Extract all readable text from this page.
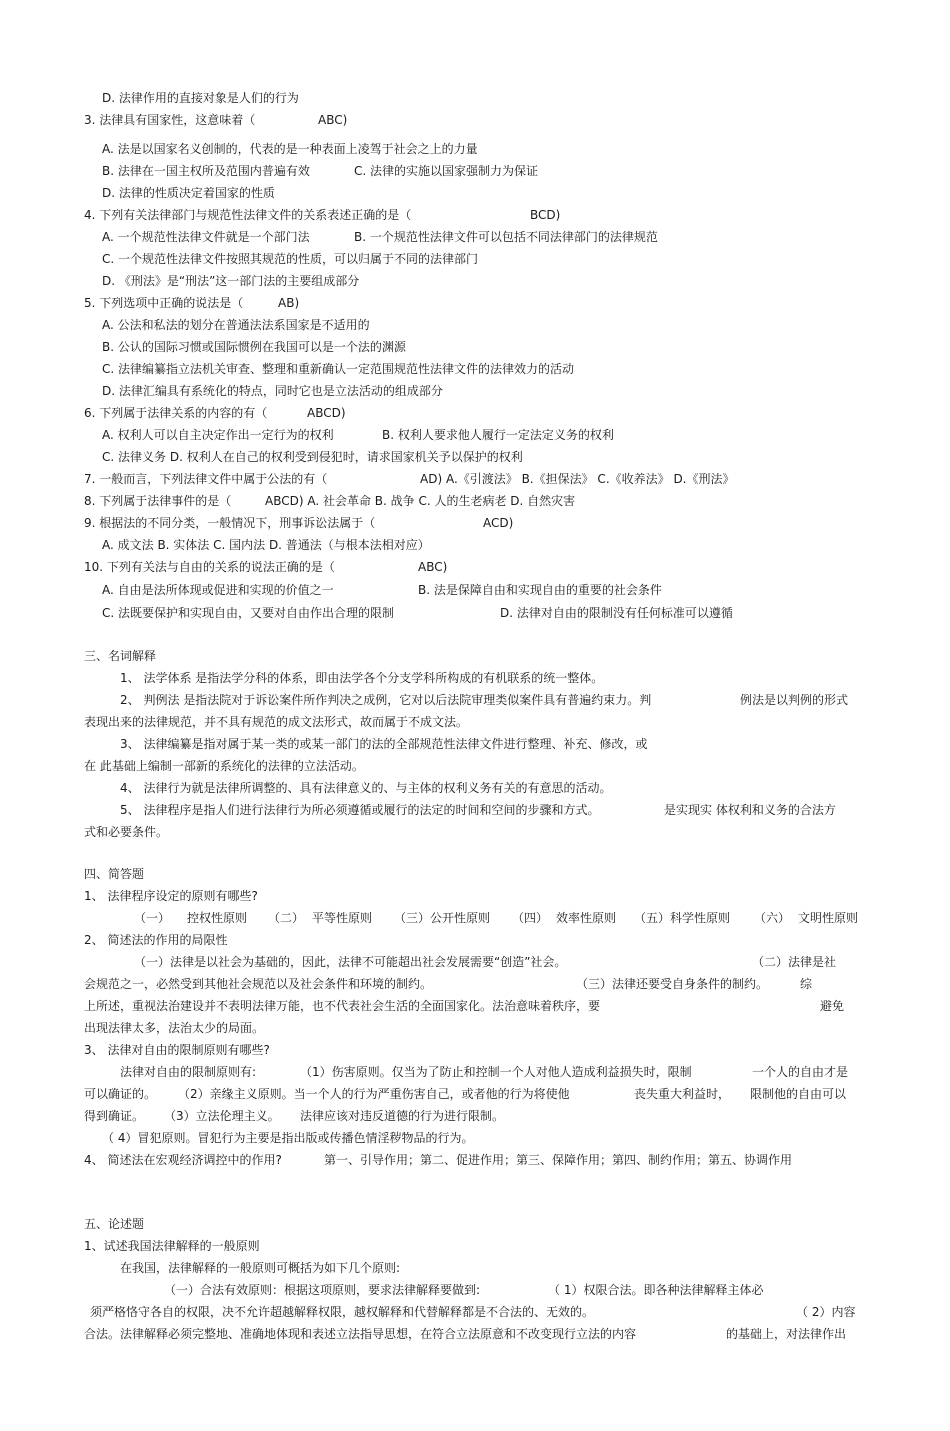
D. 法律作用的直接对象是人们的行为
3. 法律具有国家性，这意味着（	ABC)
A. 法是以国家名义创制的，代表的是一种表面上凌驾于社会之上的力量
B. 法律在一国主权所及范围内普遍有效	C. 法律的实施以国家强制力为保证
D. 法律的性质决定着国家的性质
4. 下列有关法律部门与规范性法律文件的关系表述正确的是（	BCD)
A. 一个规范性法律文件就是一个部门法	B. 一个规范性法律文件可以包括不同法律部门的法律规范
C. 一个规范性法律文件按照其规范的性质，可以归属于不同的法律部门
D. 《刑法》是“刑法”这一部门法的主要组成部分
5. 下列选项中正确的说法是（	AB)
A. 公法和私法的划分在普通法法系国家是不适用的
B. 公认的国际习惯或国际惯例在我国可以是一个法的渊源
C. 法律编纂指立法机关审查、整理和重新确认一定范围规范性法律文件的法律效力的活动
D. 法律汇编具有系统化的特点，同时它也是立法活动的组成部分
6. 下列属于法律关系的内容的有（	ABCD)
A. 权利人可以自主决定作出一定行为的权利	B. 权利人要求他人履行一定法定义务的权利
C. 法律义务 D. 权利人在自己的权利受到侵犯时，请求国家机关予以保护的权利
7. 一般而言，下列法律文件中属于公法的有（	AD) A.《引渡法》 B.《担保法》 C.《收养法》 D.《刑法》
8. 下列属于法律事件的是（	ABCD) A. 社会革命 B. 战争 C. 人的生老病老 D. 自然灾害
9. 根据法的不同分类，一般情况下，刑事诉讼法属于（	ACD)
A. 成文法 B. 实体法 C. 国内法 D. 普通法（与根本法相对应）
10. 下列有关法与自由的关系的说法正确的是（	ABC)
A. 自由是法所体现或促进和实现的价值之一	B. 法是保障自由和实现自由的重要的社会条件
C. 法既要保护和实现自由，又要对自由作出合理的限制	D. 法律对自由的限制没有任何标准可以遵循
三、名词解释
1、 法学体系 是指法学分科的体系，即由法学各个分支学科所构成的有机联系的统一整体。
2、 判例法 是指法院对于诉讼案件所作判决之成例，它对以后法院审理类似案件具有普遍约束力。判	例法是以判例的形式
表现出来的法律规范，并不具有规范的成文法形式，故而属于不成文法。
3、 法律编纂是指对属于某一类的或某一部门的法的全部规范性法律文件进行整理、补充、修改，或
在 此基础上编制一部新的系统化的法律的立法活动。
4、 法律行为就是法律所调整的、具有法律意义的、与主体的权利义务有关的有意思的活动。
5、 法律程序是指人们进行法律行为所必须遵循或履行的法定的时间和空间的步骤和方式。	是实现实 体权利和义务的合法方
式和必要条件。
四、简答题
1、 法律程序设定的原则有哪些?
（一） 控权性原则 （二） 平等性原则 （三）公开性原则 （四） 效率性原则 （五）科学性原则 （六） 文明性原则
2、 简述法的作用的局限性
（一）法律是以社会为基础的，因此，法律不可能超出社会发展需要“创造”社会。	（二）法律是社
会规范之一，必然受到其他社会规范以及社会条件和环境的制约。	（三）法律还要受自身条件的制约。	综
上所述，重视法治建设并不表明法律万能，也不代表社会生活的全面国家化。法治意味着秩序，要	避免
出现法律太多，法治太少的局面。
3、 法律对自由的限制原则有哪些?
法律对自由的限制原则有:	（1）伤害原则。仅当为了防止和控制一个人对他人造成利益损失时，限制	一个人的自由才是
可以确证的。 （2）亲缘主义原则。当一个人的行为严重伤害自己，或者他的行为将使他	丧失重大利益时， 限制他的自由可以
得到确证。 （3）立法伦理主义。 法律应该对违反道德的行为进行限制。
（ 4）冒犯原则。冒犯行为主要是指出版或传播色情淫秽物品的行为。
4、 简述法在宏观经济调控中的作用?	第一、引导作用；第二、促进作用；第三、保障作用；第四、制约作用；第五、协调作用
五、论述题
1、试述我国法律解释的一般原则
在我国，法律解释的一般原则可概括为如下几个原则:
（一）合法有效原则：根据这项原则，要求法律解释要做到:	（ 1）权限合法。即各种法律解释主体必
须严格恪守各自的权限，决不允许超越解释权限，越权解释和代替解释都是不合法的、无效的。	（ 2）内容
合法。法律解释必须完整地、准确地体现和表述立法指导思想，在符合立法原意和不改变现行立法的内容	的基础上，对法律作出
